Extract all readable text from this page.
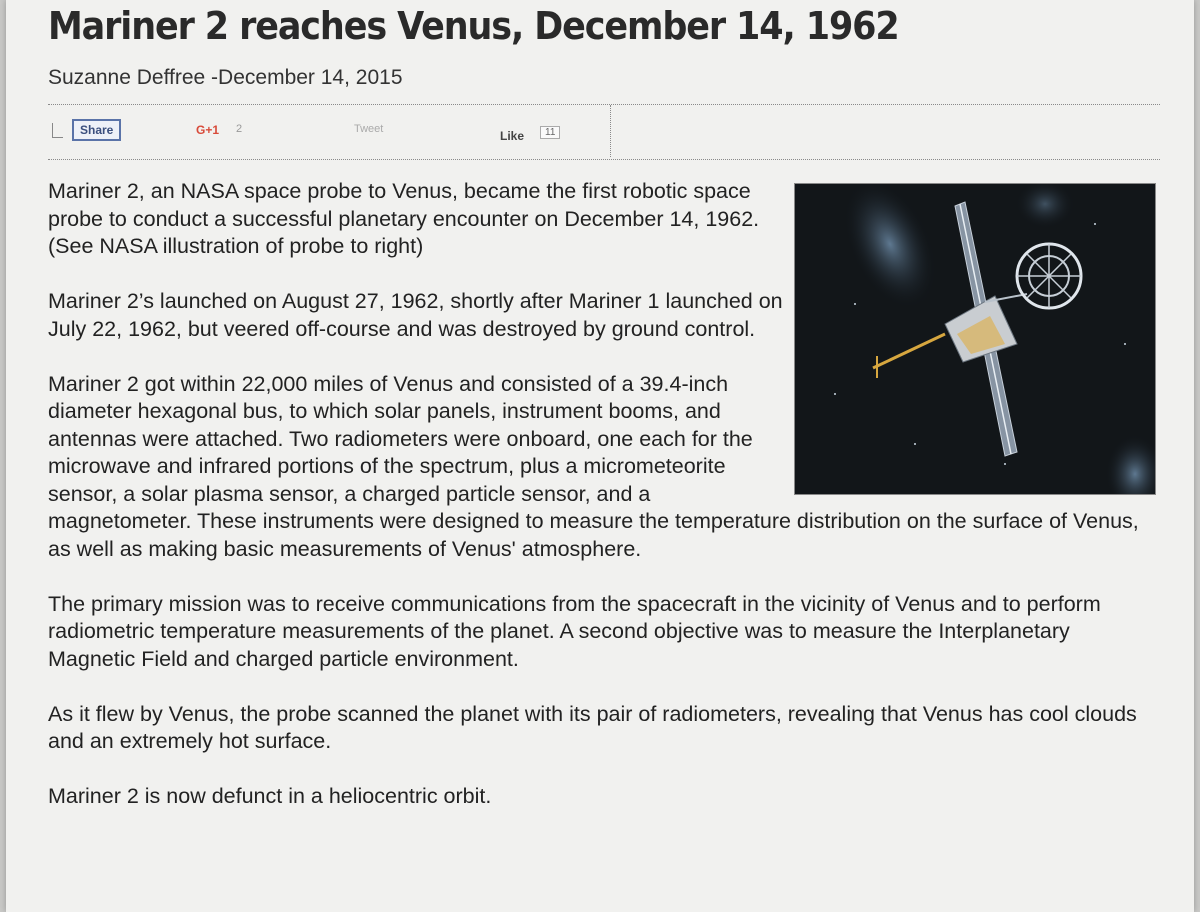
Mariner 2 reaches Venus, December 14, 1962
Suzanne Deffree -December 14, 2015
Share	G+1 2	Tweet	Like	11

Mariner 2, an NASA space probe to Venus, became the first robotic space probe to conduct a successful planetary encounter on December 14, 1962. (See NASA illustration of probe to right)

Mariner 2’s launched on August 27, 1962, shortly after Mariner 1 launched on July 22, 1962, but veered off-course and was destroyed by ground control.

Mariner 2 got within 22,000 miles of Venus and consisted of a 39.4-inch diameter hexagonal bus, to which solar panels, instrument booms, and antennas were attached. Two radiometers were onboard, one each for the microwave and infrared portions of the spectrum, plus a micrometeorite sensor, a solar plasma sensor, a charged particle sensor, and a magnetometer. These instruments were designed to measure the temperature distribution on the surface of Venus, as well as making basic measurements of Venus' atmosphere.

The primary mission was to receive communications from the spacecraft in the vicinity of Venus and to perform radiometric temperature measurements of the planet. A second objective was to measure the Interplanetary Magnetic Field and charged particle environment.

As it flew by Venus, the probe scanned the planet with its pair of radiometers, revealing that Venus has cool clouds and an extremely hot surface.

Mariner 2 is now defunct in a heliocentric orbit.
